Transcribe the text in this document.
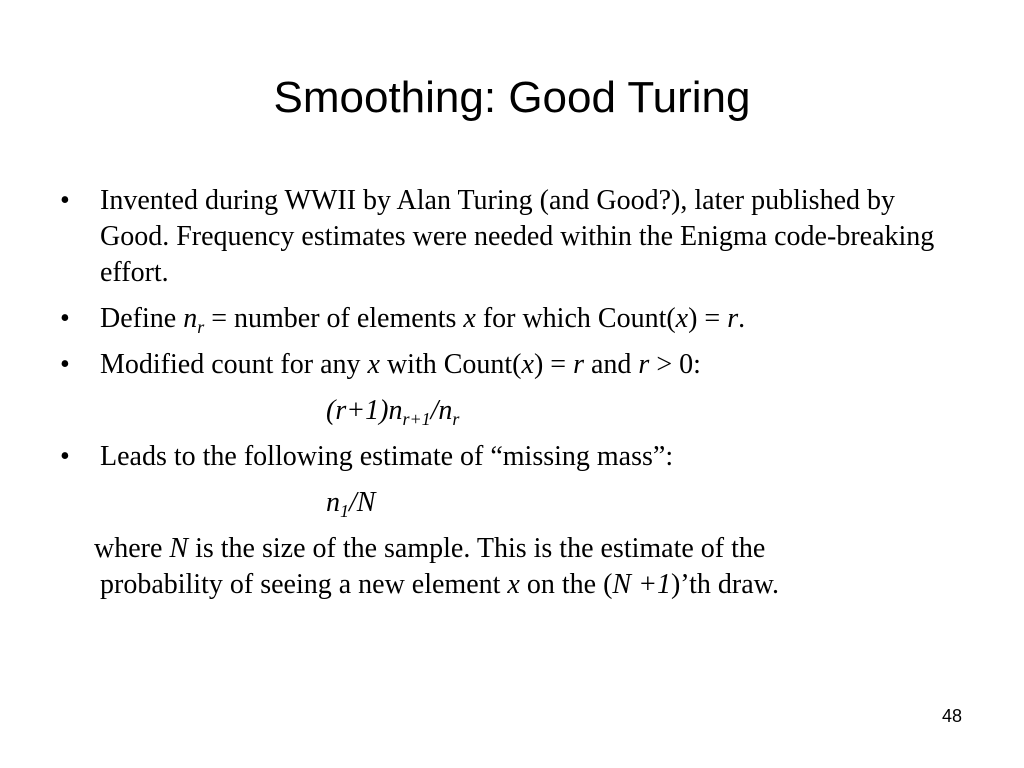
Smoothing: Good Turing
• Invented during WWII by Alan Turing (and Good?), later published by Good. Frequency estimates were needed within the Enigma code-breaking effort.
• Define $n_r$ = number of elements x for which Count(x) = r.
• Modified count for any x with Count(x) = r and r > 0:
$(r+1)n_{r+1}/n_r$
• Leads to the following estimate of “missing mass”:
$n_1/N$
where N is the size of the sample. This is the estimate of the
probability of seeing a new element x on the (N +1)’th draw.
48
